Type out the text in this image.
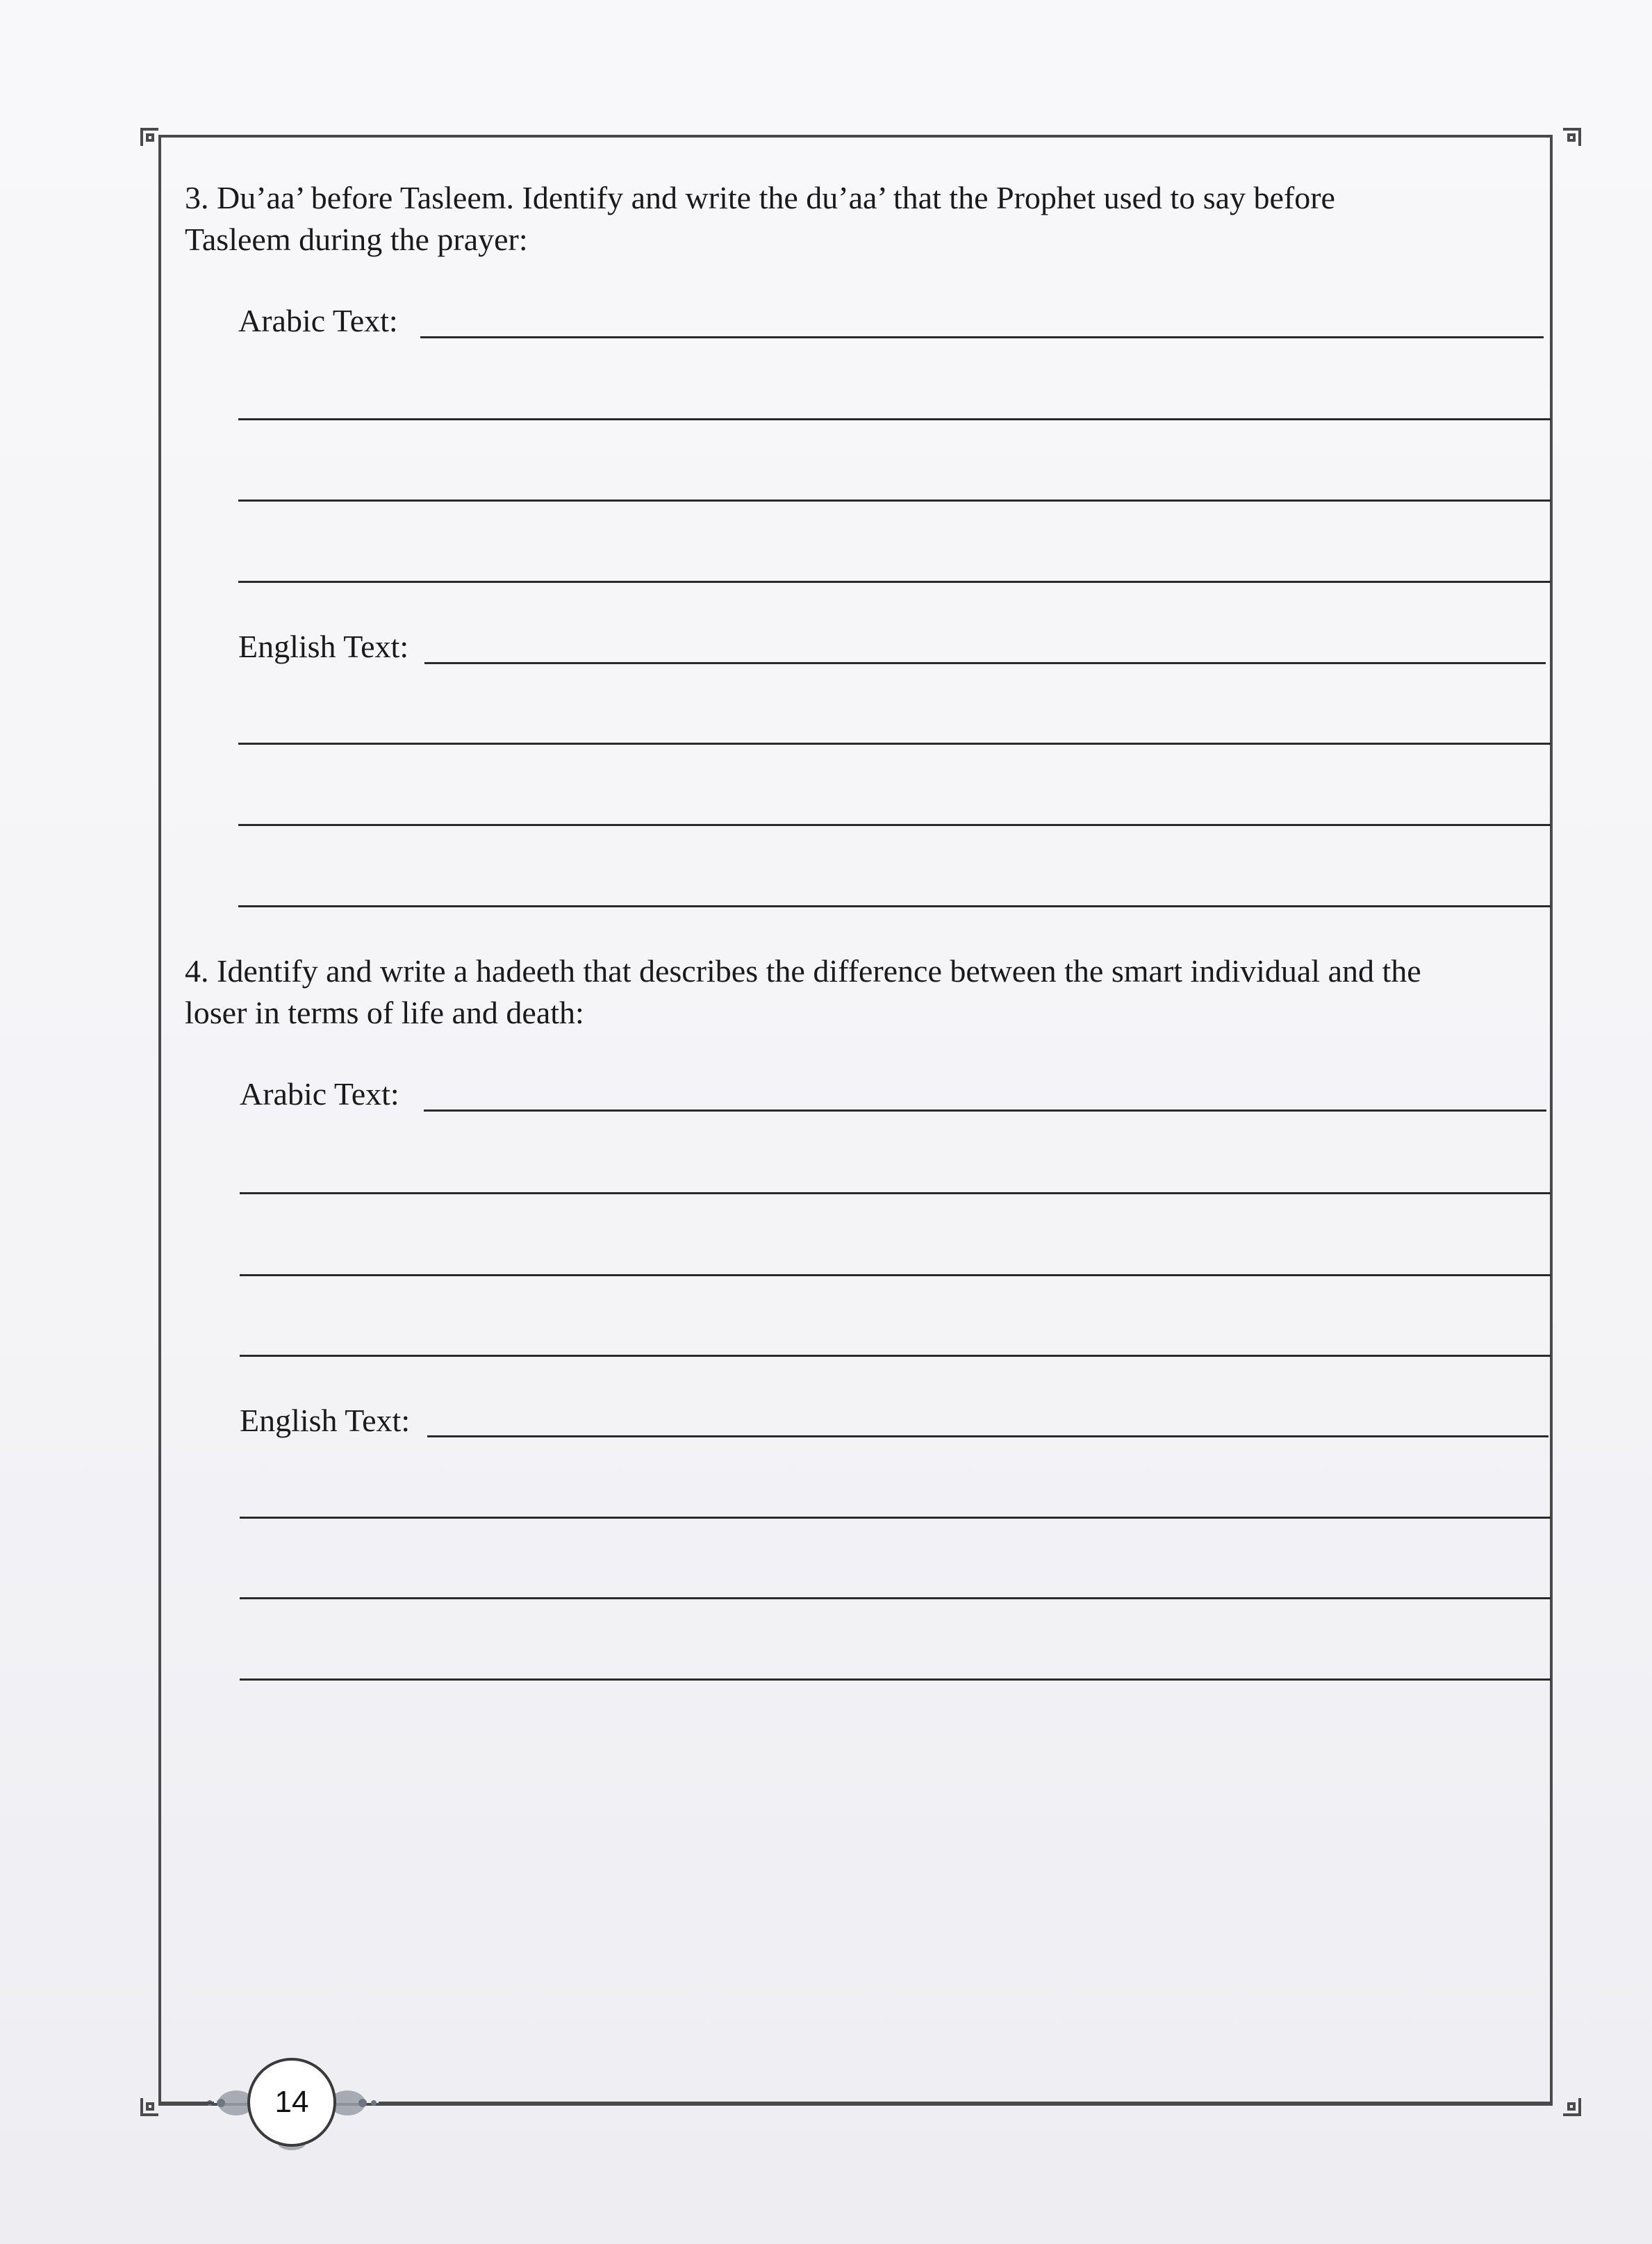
3. Du’aa’ before Tasleem. Identify and write the du’aa’ that the Prophet used to say before
Tasleem during the prayer:
Arabic Text:
English Text:
4. Identify and write a hadeeth that describes the difference between the smart individual and the
loser in terms of life and death:
Arabic Text:
English Text:
14
